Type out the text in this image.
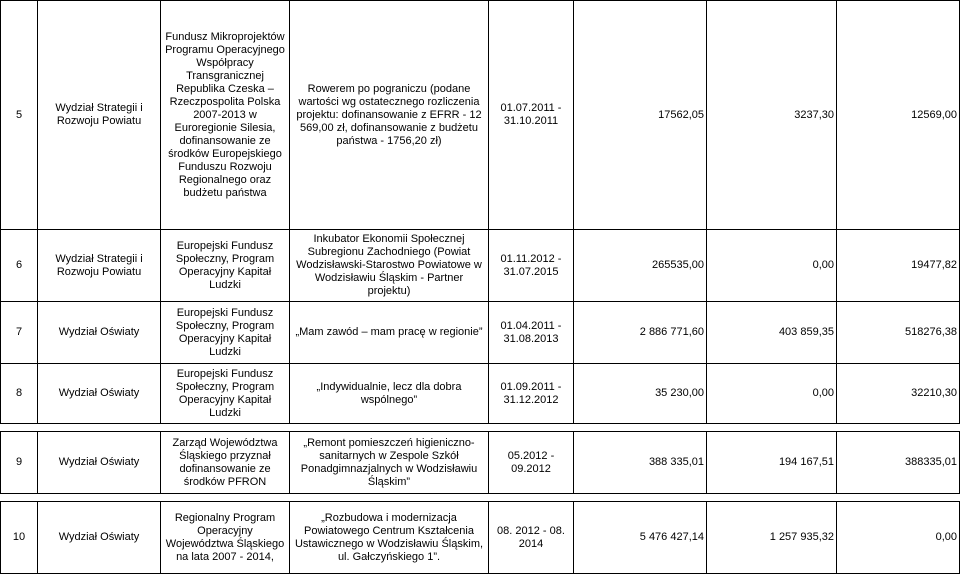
5	Wydział Strategii i Rozwoju Powiatu	Fundusz Mikroprojektów Programu Operacyjnego Współpracy Transgranicznej Republika Czeska – Rzeczpospolita Polska 2007-2013 w Euroregionie Silesia, dofinansowanie ze środków Europejskiego Funduszu Rozwoju Regionalnego oraz budżetu państwa	Rowerem po pograniczu (podane wartości wg ostatecznego rozliczenia projektu: dofinansowanie z EFRR - 12 569,00 zł, dofinansowanie z budżetu państwa - 1756,20 zł)	01.07.2011 - 31.10.2011	17562,05	3237,30	12569,00
6	Wydział Strategii i Rozwoju Powiatu	Europejski Fundusz Społeczny, Program Operacyjny Kapitał Ludzki	Inkubator Ekonomii Społecznej Subregionu Zachodniego (Powiat Wodzisławski-Starostwo Powiatowe w Wodzisławiu Śląskim - Partner projektu)	01.11.2012 - 31.07.2015	265535,00	0,00	19477,82
7	Wydział Oświaty	Europejski Fundusz Społeczny, Program Operacyjny Kapitał Ludzki	„Mam zawód – mam pracę w regionie”	01.04.2011 - 31.08.2013	2 886 771,60	403 859,35	518276,38
8	Wydział Oświaty	Europejski Fundusz Społeczny, Program Operacyjny Kapitał Ludzki	„Indywidualnie, lecz dla dobra wspólnego”	01.09.2011 - 31.12.2012	35 230,00	0,00	32210,30

9	Wydział Oświaty	Zarząd Województwa Śląskiego przyznał dofinansowanie ze środków PFRON	„Remont pomieszczeń higieniczno-sanitarnych w Zespole Szkół Ponadgimnazjalnych w Wodzisławiu Śląskim”	05.2012 - 09.2012	388 335,01	194 167,51	388335,01

10	Wydział Oświaty	Regionalny Program Operacyjny Województwa Śląskiego na lata 2007 - 2014,	„Rozbudowa i modernizacja Powiatowego Centrum Kształcenia Ustawicznego w Wodzisławiu Śląskim, ul. Gałczyńskiego 1”.	08. 2012 - 08. 2014	5 476 427,14	1 257 935,32	0,00
